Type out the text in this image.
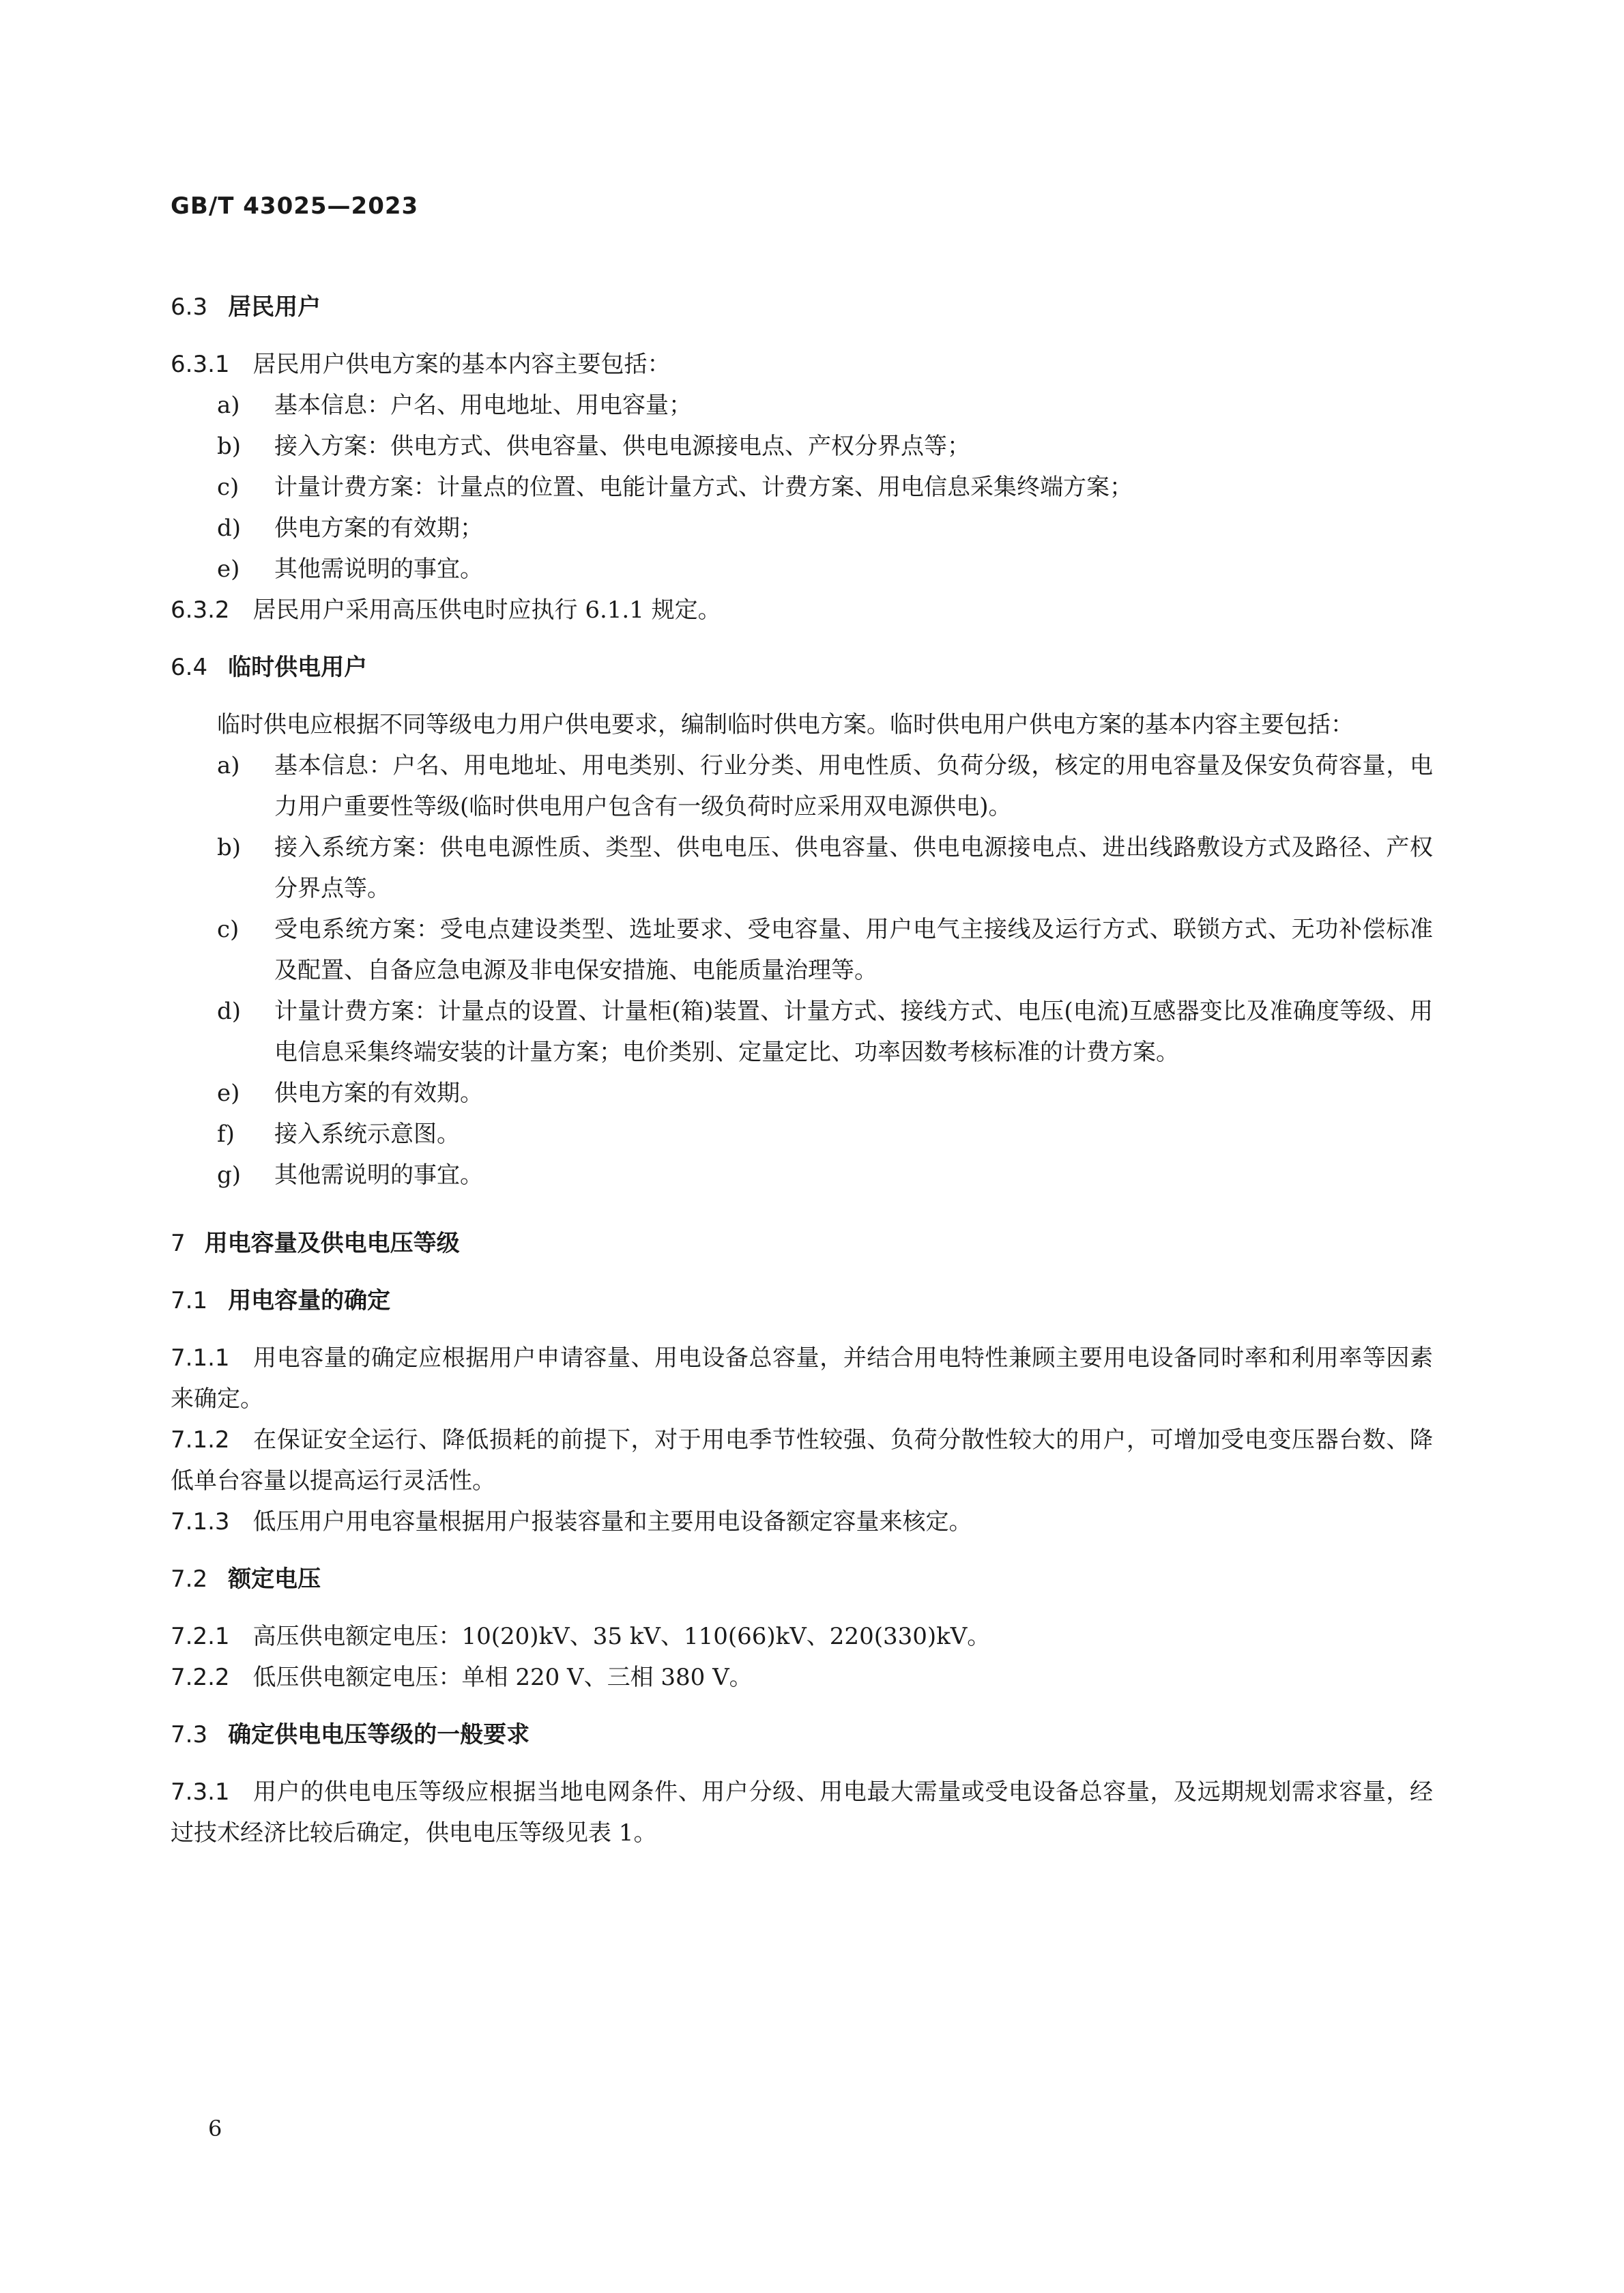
GB/T 43025—2023

6.3 居民用户

6.3.1 居民用户供电方案的基本内容主要包括：

a)	基本信息：户名、用电地址、用电容量；
b)	接入方案：供电方式、供电容量、供电电源接电点、产权分界点等；
c)	计量计费方案：计量点的位置、电能计量方式、计费方案、用电信息采集终端方案；
d)	供电方案的有效期；
e)	其他需说明的事宜。

6.3.2 居民用户采用高压供电时应执行 6.1.1 规定。

6.4 临时供电用户

临时供电应根据不同等级电力用户供电要求，编制临时供电方案。临时供电用户供电方案的基本内容主要包括：

a)	基本信息：户名、用电地址、用电类别、行业分类、用电性质、负荷分级，核定的用电容量及保安负荷容量，电力用户重要性等级(临时供电用户包含有一级负荷时应采用双电源供电)。
b)	接入系统方案：供电电源性质、类型、供电电压、供电容量、供电电源接电点、进出线路敷设方式及路径、产权分界点等。
c)	受电系统方案：受电点建设类型、选址要求、受电容量、用户电气主接线及运行方式、联锁方式、无功补偿标准及配置、自备应急电源及非电保安措施、电能质量治理等。
d)	计量计费方案：计量点的设置、计量柜(箱)装置、计量方式、接线方式、电压(电流)互感器变比及准确度等级、用电信息采集终端安装的计量方案；电价类别、定量定比、功率因数考核标准的计费方案。
e)	供电方案的有效期。
f)	接入系统示意图。
g)	其他需说明的事宜。

7 用电容量及供电电压等级

7.1 用电容量的确定

7.1.1 用电容量的确定应根据用户申请容量、用电设备总容量，并结合用电特性兼顾主要用电设备同时率和利用率等因素来确定。

7.1.2 在保证安全运行、降低损耗的前提下，对于用电季节性较强、负荷分散性较大的用户，可增加受电变压器台数、降低单台容量以提高运行灵活性。

7.1.3 低压用户用电容量根据用户报装容量和主要用电设备额定容量来核定。

7.2 额定电压

7.2.1 高压供电额定电压：10(20)kV、35 kV、110(66)kV、220(330)kV。

7.2.2 低压供电额定电压：单相 220 V、三相 380 V。

7.3 确定供电电压等级的一般要求

7.3.1 用户的供电电压等级应根据当地电网条件、用户分级、用电最大需量或受电设备总容量，及远期规划需求容量，经过技术经济比较后确定，供电电压等级见表 1。

6
